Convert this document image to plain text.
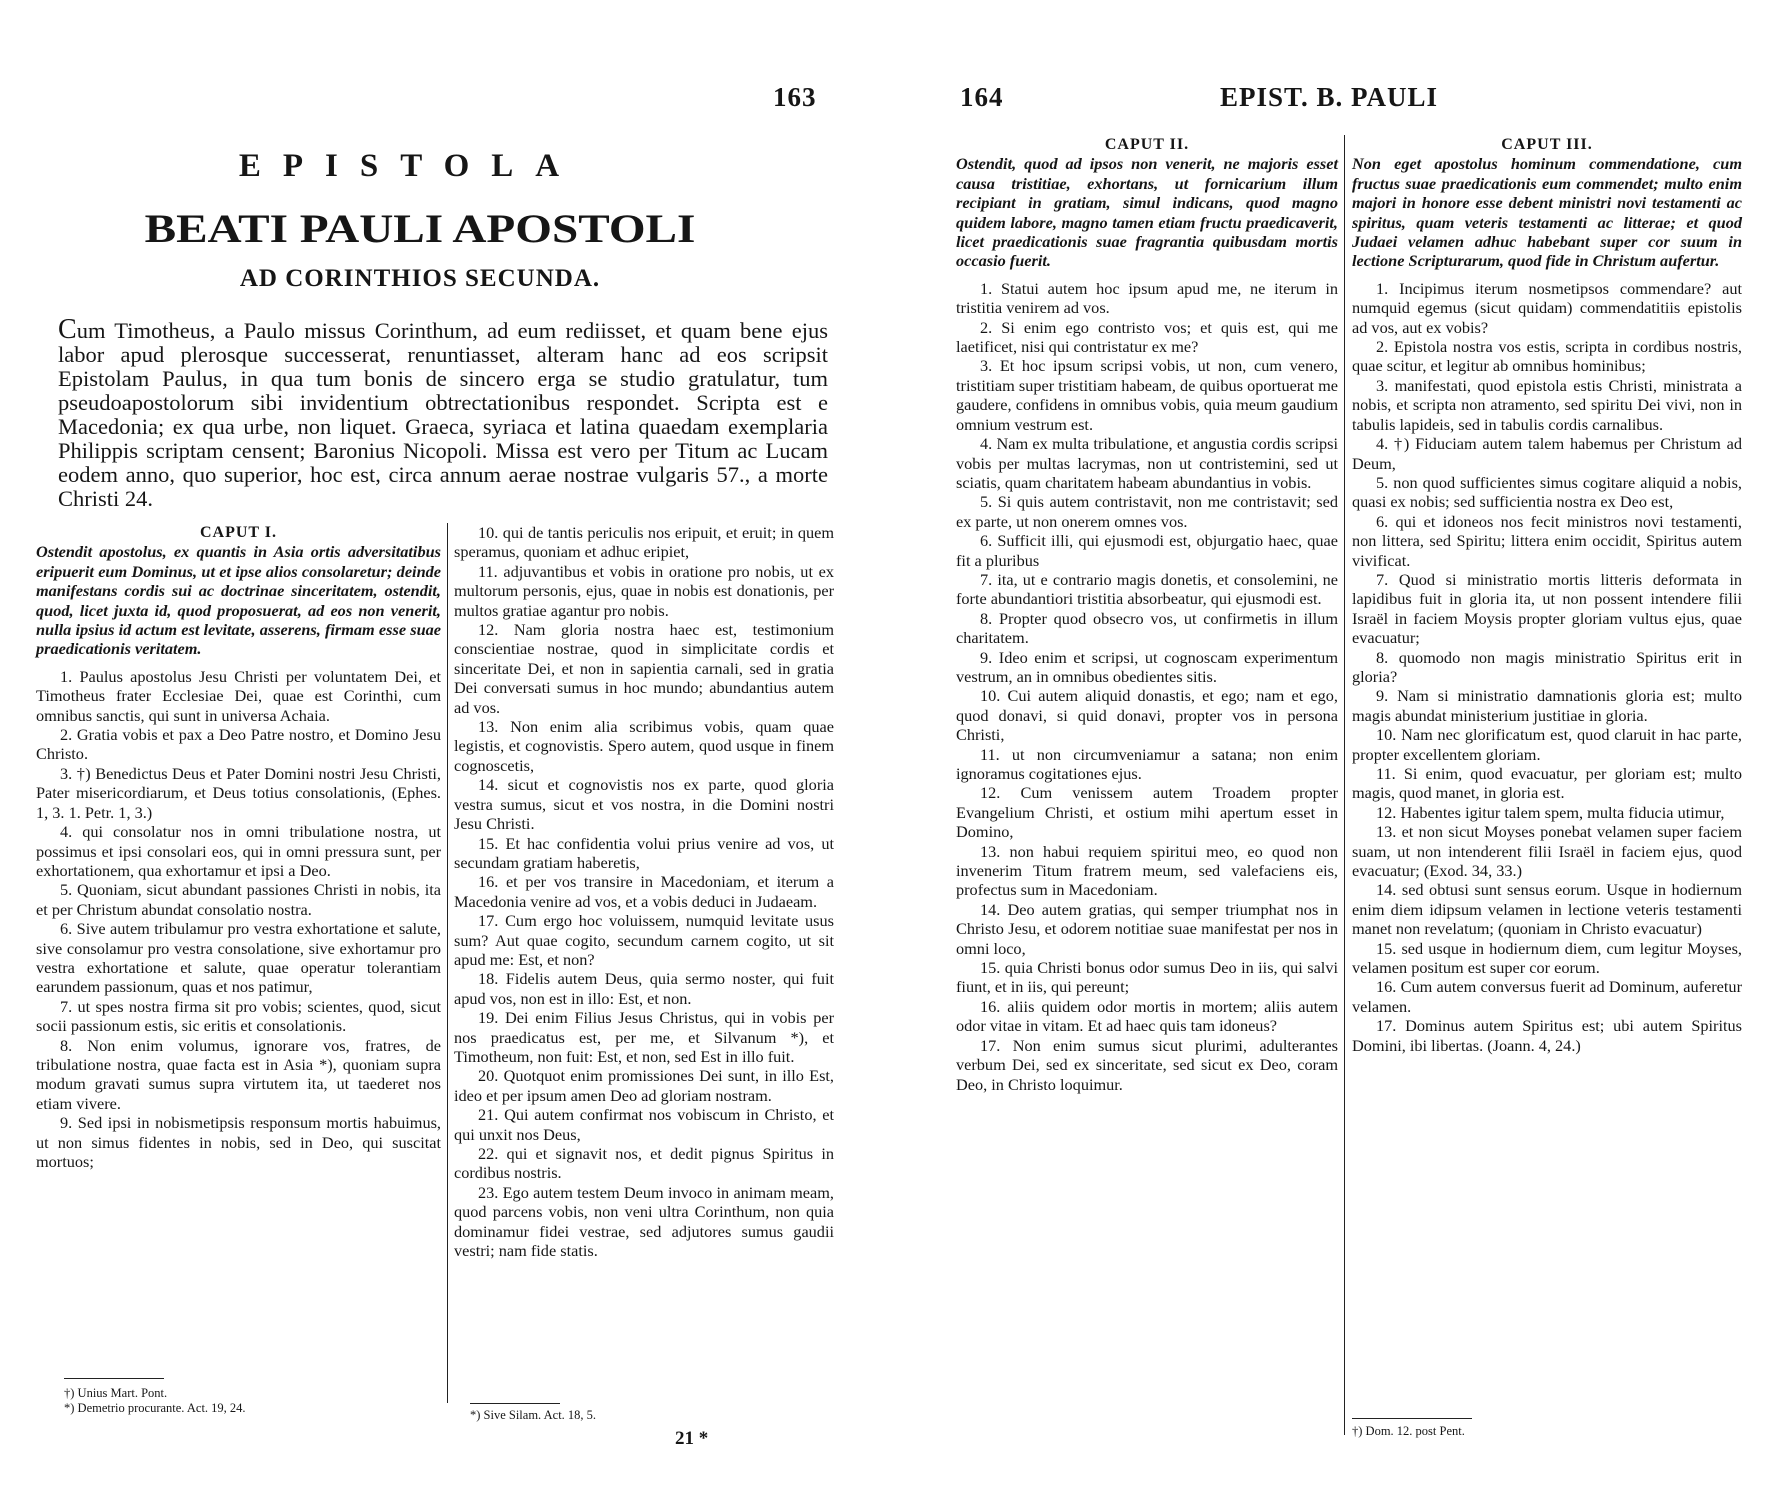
163
EPISTOLA
BEATI PAULI APOSTOLI
AD CORINTHIOS SECUNDA.
Cum Timotheus, a Paulo missus Corinthum, ad eum rediisset, et quam bene ejus labor apud plerosque successerat, renuntiasset, alteram hanc ad eos scripsit Epistolam Paulus, in qua tum bonis de sincero erga se studio gratulatur, tum pseudoapostolorum sibi invidentium obtrectationibus respondet. Scripta est e Macedonia; ex qua urbe, non liquet. Graeca, syriaca et latina quaedam exemplaria Philippis scriptam censent; Baronius Nicopoli. Missa est vero per Titum ac Lucam eodem anno, quo superior, hoc est, circa annum aerae nostrae vulgaris 57., a morte Christi 24.

CAPUT I.

Ostendit apostolus, ex quantis in Asia ortis adversitatibus eripuerit eum Dominus, ut et ipse alios consolaretur; deinde manifestans cordis sui ac doctrinae sinceritatem, ostendit, quod, licet juxta id, quod proposuerat, ad eos non venerit, nulla ipsius id actum est levitate, asserens, firmam esse suae praedicationis veritatem.

1. Paulus apostolus Jesu Christi per voluntatem Dei, et Timotheus frater Ecclesiae Dei, quae est Corinthi, cum omnibus sanctis, qui sunt in universa Achaia.

2. Gratia vobis et pax a Deo Patre nostro, et Domino Jesu Christo.

3. †) Benedictus Deus et Pater Domini nostri Jesu Christi, Pater misericordiarum, et Deus totius consolationis, (Ephes. 1, 3. 1. Petr. 1, 3.)

4. qui consolatur nos in omni tribulatione nostra, ut possimus et ipsi consolari eos, qui in omni pressura sunt, per exhortationem, qua exhortamur et ipsi a Deo.

5. Quoniam, sicut abundant passiones Christi in nobis, ita et per Christum abundat consolatio nostra.

6. Sive autem tribulamur pro vestra exhortatione et salute, sive consolamur pro vestra consolatione, sive exhortamur pro vestra exhortatione et salute, quae operatur tolerantiam earundem passionum, quas et nos patimur,

7. ut spes nostra firma sit pro vobis; scientes, quod, sicut socii passionum estis, sic eritis et consolationis.

8. Non enim volumus, ignorare vos, fratres, de tribulatione nostra, quae facta est in Asia *), quoniam supra modum gravati sumus supra virtutem ita, ut taederet nos etiam vivere.

9. Sed ipsi in nobismetipsis responsum mortis habuimus, ut non simus fidentes in nobis, sed in Deo, qui suscitat mortuos;

†) Unius Mart. Pont.
*) Demetrio procurante. Act. 19, 24.

10. qui de tantis periculis nos eripuit, et eruit; in quem speramus, quoniam et adhuc eripiet,

11. adjuvantibus et vobis in oratione pro nobis, ut ex multorum personis, ejus, quae in nobis est donationis, per multos gratiae agantur pro nobis.

12. Nam gloria nostra haec est, testimonium conscientiae nostrae, quod in simplicitate cordis et sinceritate Dei, et non in sapientia carnali, sed in gratia Dei conversati sumus in hoc mundo; abundantius autem ad vos.

13. Non enim alia scribimus vobis, quam quae legistis, et cognovistis. Spero autem, quod usque in finem cognoscetis,

14. sicut et cognovistis nos ex parte, quod gloria vestra sumus, sicut et vos nostra, in die Domini nostri Jesu Christi.

15. Et hac confidentia volui prius venire ad vos, ut secundam gratiam haberetis,

16. et per vos transire in Macedoniam, et iterum a Macedonia venire ad vos, et a vobis deduci in Judaeam.

17. Cum ergo hoc voluissem, numquid levitate usus sum? Aut quae cogito, secundum carnem cogito, ut sit apud me: Est, et non?

18. Fidelis autem Deus, quia sermo noster, qui fuit apud vos, non est in illo: Est, et non.

19. Dei enim Filius Jesus Christus, qui in vobis per nos praedicatus est, per me, et Silvanum *), et Timotheum, non fuit: Est, et non, sed Est in illo fuit.

20. Quotquot enim promissiones Dei sunt, in illo Est, ideo et per ipsum amen Deo ad gloriam nostram.

21. Qui autem confirmat nos vobiscum in Christo, et qui unxit nos Deus,

22. qui et signavit nos, et dedit pignus Spiritus in cordibus nostris.

23. Ego autem testem Deum invoco in animam meam, quod parcens vobis, non veni ultra Corinthum, non quia dominamur fidei vestrae, sed adjutores sumus gaudii vestri; nam fide statis.

*) Sive Silam. Act. 18, 5.
21 *
164	EPIST. B. PAULI

CAPUT II.

Ostendit, quod ad ipsos non venerit, ne majoris esset causa tristitiae, exhortans, ut fornicarium illum recipiant in gratiam, simul indicans, quod magno quidem labore, magno tamen etiam fructu praedicaverit, licet praedicationis suae fragrantia quibusdam mortis occasio fuerit.

1. Statui autem hoc ipsum apud me, ne iterum in tristitia venirem ad vos.

2. Si enim ego contristo vos; et quis est, qui me laetificet, nisi qui contristatur ex me?

3. Et hoc ipsum scripsi vobis, ut non, cum venero, tristitiam super tristitiam habeam, de quibus oportuerat me gaudere, confidens in omnibus vobis, quia meum gaudium omnium vestrum est.

4. Nam ex multa tribulatione, et angustia cordis scripsi vobis per multas lacrymas, non ut contristemini, sed ut sciatis, quam charitatem habeam abundantius in vobis.

5. Si quis autem contristavit, non me contristavit; sed ex parte, ut non onerem omnes vos.

6. Sufficit illi, qui ejusmodi est, objurgatio haec, quae fit a pluribus

7. ita, ut e contrario magis donetis, et consolemini, ne forte abundantiori tristitia absorbeatur, qui ejusmodi est.

8. Propter quod obsecro vos, ut confirmetis in illum charitatem.

9. Ideo enim et scripsi, ut cognoscam experimentum vestrum, an in omnibus obedientes sitis.

10. Cui autem aliquid donastis, et ego; nam et ego, quod donavi, si quid donavi, propter vos in persona Christi,

11. ut non circumveniamur a satana; non enim ignoramus cogitationes ejus.

12. Cum venissem autem Troadem propter Evangelium Christi, et ostium mihi apertum esset in Domino,

13. non habui requiem spiritui meo, eo quod non invenerim Titum fratrem meum, sed valefaciens eis, profectus sum in Macedoniam.

14. Deo autem gratias, qui semper triumphat nos in Christo Jesu, et odorem notitiae suae manifestat per nos in omni loco,

15. quia Christi bonus odor sumus Deo in iis, qui salvi fiunt, et in iis, qui pereunt;

16. aliis quidem odor mortis in mortem; aliis autem odor vitae in vitam. Et ad haec quis tam idoneus?

17. Non enim sumus sicut plurimi, adulterantes verbum Dei, sed ex sinceritate, sed sicut ex Deo, coram Deo, in Christo loquimur.

CAPUT III.

Non eget apostolus hominum commendatione, cum fructus suae praedicationis eum commendet; multo enim majori in honore esse debent ministri novi testamenti ac spiritus, quam veteris testamenti ac litterae; et quod Judaei velamen adhuc habebant super cor suum in lectione Scripturarum, quod fide in Christum aufertur.

1. Incipimus iterum nosmetipsos commendare? aut numquid egemus (sicut quidam) commendatitiis epistolis ad vos, aut ex vobis?

2. Epistola nostra vos estis, scripta in cordibus nostris, quae scitur, et legitur ab omnibus hominibus;

3. manifestati, quod epistola estis Christi, ministrata a nobis, et scripta non atramento, sed spiritu Dei vivi, non in tabulis lapideis, sed in tabulis cordis carnalibus.

4. †) Fiduciam autem talem habemus per Christum ad Deum,

5. non quod sufficientes simus cogitare aliquid a nobis, quasi ex nobis; sed sufficientia nostra ex Deo est,

6. qui et idoneos nos fecit ministros novi testamenti, non littera, sed Spiritu; littera enim occidit, Spiritus autem vivificat.

7. Quod si ministratio mortis litteris deformata in lapidibus fuit in gloria ita, ut non possent intendere filii Israël in faciem Moysis propter gloriam vultus ejus, quae evacuatur;

8. quomodo non magis ministratio Spiritus erit in gloria?

9. Nam si ministratio damnationis gloria est; multo magis abundat ministerium justitiae in gloria.

10. Nam nec glorificatum est, quod claruit in hac parte, propter excellentem gloriam.

11. Si enim, quod evacuatur, per gloriam est; multo magis, quod manet, in gloria est.

12. Habentes igitur talem spem, multa fiducia utimur,

13. et non sicut Moyses ponebat velamen super faciem suam, ut non intenderent filii Israël in faciem ejus, quod evacuatur; (Exod. 34, 33.)

14. sed obtusi sunt sensus eorum. Usque in hodiernum enim diem idipsum velamen in lectione veteris testamenti manet non revelatum; (quoniam in Christo evacuatur)

15. sed usque in hodiernum diem, cum legitur Moyses, velamen positum est super cor eorum.

16. Cum autem conversus fuerit ad Dominum, auferetur velamen.

17. Dominus autem Spiritus est; ubi autem Spiritus Domini, ibi libertas. (Joann. 4, 24.)

†) Dom. 12. post Pent.
